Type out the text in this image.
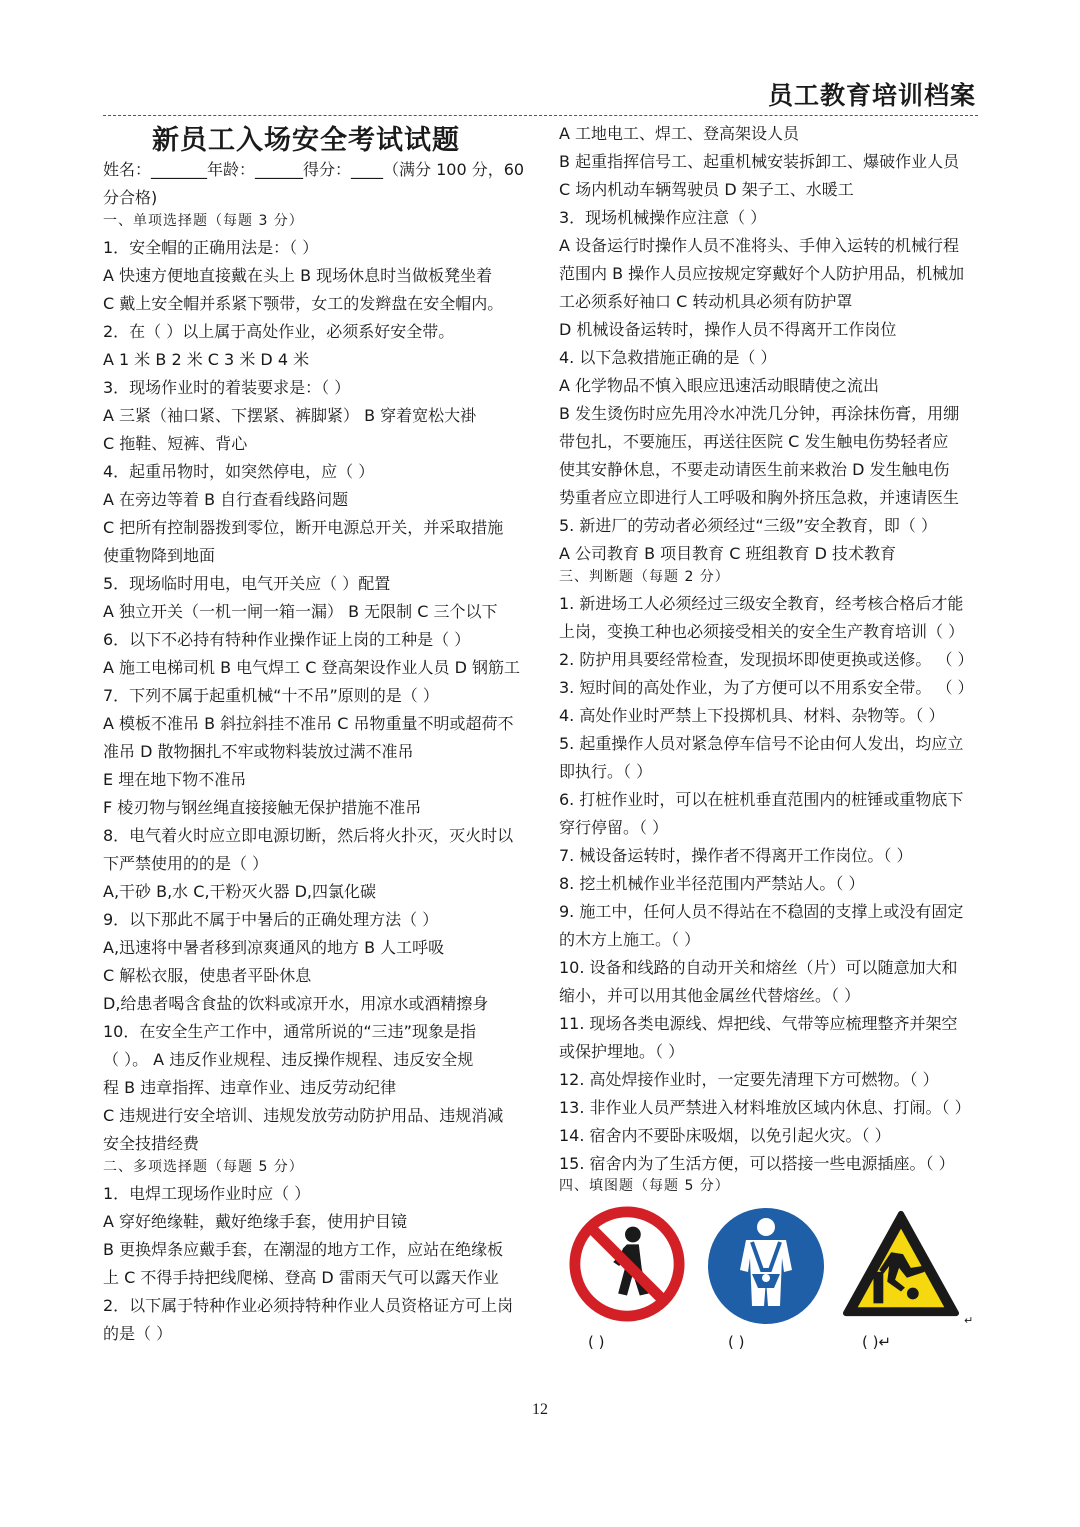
员工教育培训档案
新员工入场安全考试试题
姓名：_______年龄：______得分：____（满分 100 分，60
分合格)
一、单项选择题（每题 3 分）
1．安全帽的正确用法是：（ ）
A 快速方便地直接戴在头上 B 现场休息时当做板凳坐着
C 戴上安全帽并系紧下颚带，女工的发辫盘在安全帽内。
2．在（ ）以上属于高处作业，必须系好安全带。
A 1 米 B 2 米 C 3 米 D 4 米
3．现场作业时的着装要求是：（ ）
A 三紧（袖口紧、下摆紧、裤脚紧） B 穿着宽松大褂
C 拖鞋、短裤、背心
4．起重吊物时，如突然停电，应（ ）
A 在旁边等着 B 自行查看线路问题
C 把所有控制器拨到零位，断开电源总开关，并采取措施
使重物降到地面
5．现场临时用电，电气开关应（ ）配置
A 独立开关（一机一闸一箱一漏） B 无限制 C 三个以下
6．以下不必持有特种作业操作证上岗的工种是（ ）
A 施工电梯司机 B 电气焊工 C 登高架设作业人员 D 钢筋工
7．下列不属于起重机械“十不吊”原则的是（ ）
A 模板不准吊 B 斜拉斜挂不准吊 C 吊物重量不明或超荷不
准吊 D 散物捆扎不牢或物料装放过满不准吊
E 埋在地下物不准吊
F 棱刃物与钢丝绳直接接触无保护措施不准吊
8．电气着火时应立即电源切断，然后将火扑灭，灭火时以
下严禁使用的的是（ ）
A,干砂 B,水 C,干粉灭火器 D,四氯化碳
9．以下那此不属于中暑后的正确处理方法（ ）
A,迅速将中暑者移到凉爽通风的地方 B 人工呼吸
C 解松衣服，使患者平卧休息
D,给患者喝含食盐的饮料或凉开水，用凉水或酒精擦身
10．在安全生产工作中，通常所说的“三违”现象是指
（ ）。 A 违反作业规程、违反操作规程、违反安全规
程 B 违章指挥、违章作业、违反劳动纪律
C 违规进行安全培训、违规发放劳动防护用品、违规消减
安全技措经费
二、多项选择题（每题 5 分）
1．电焊工现场作业时应（ ）
A 穿好绝缘鞋，戴好绝缘手套，使用护目镜
B 更换焊条应戴手套，在潮湿的地方工作，应站在绝缘板
上 C 不得手持把线爬梯、登高 D 雷雨天气可以露天作业
2．以下属于特种作业必须持特种作业人员资格证方可上岗
的是（ ）
A 工地电工、焊工、登高架设人员
B 起重指挥信号工、起重机械安装拆卸工、爆破作业人员
C 场内机动车辆驾驶员 D 架子工、水暖工
3．现场机械操作应注意（ ）
A 设备运行时操作人员不准将头、手伸入运转的机械行程
范围内 B 操作人员应按规定穿戴好个人防护用品，机械加
工必须系好袖口 C 转动机具必须有防护罩
D 机械设备运转时，操作人员不得离开工作岗位
4. 以下急救措施正确的是（ ）
A 化学物品不慎入眼应迅速活动眼睛使之流出
B 发生烫伤时应先用冷水冲洗几分钟，再涂抹伤膏，用绷
带包扎，不要施压，再送往医院 C 发生触电伤势轻者应
使其安静休息，不要走动请医生前来救治 D 发生触电伤
势重者应立即进行人工呼吸和胸外挤压急救，并速请医生
5. 新进厂的劳动者必须经过“三级”安全教育，即（ ）
A 公司教育 B 项目教育 C 班组教育 D 技术教育
三、判断题（每题 2 分）
1. 新进场工人必须经过三级安全教育，经考核合格后才能
上岗，变换工种也必须接受相关的安全生产教育培训（ ）
2. 防护用具要经常检查，发现损坏即使更换或送修。 （ ）
3. 短时间的高处作业，为了方便可以不用系安全带。 （ ）
4. 高处作业时严禁上下投掷机具、材料、杂物等。（ ）
5. 起重操作人员对紧急停车信号不论由何人发出，均应立
即执行。（ ）
6. 打桩作业时，可以在桩机垂直范围内的桩锤或重物底下
穿行停留。（ ）
7. 械设备运转时，操作者不得离开工作岗位。（ ）
8. 挖土机械作业半径范围内严禁站人。（ ）
9. 施工中，任何人员不得站在不稳固的支撑上或没有固定
的木方上施工。（ ）
10. 设备和线路的自动开关和熔丝（片）可以随意加大和
缩小，并可以用其他金属丝代替熔丝。（ ）
11. 现场各类电源线、焊把线、气带等应梳理整齐并架空
或保护埋地。（ ）
12. 高处焊接作业时，一定要先清理下方可燃物。（ ）
13. 非作业人员严禁进入材料堆放区域内休息、打闹。（ ）
14. 宿舍内不要卧床吸烟，以免引起火灾。（ ）
15. 宿舍内为了生活方便，可以搭接一些电源插座。（ ）
四、填图题（每题 5 分）
( )	( )	( )↵
↵
12
